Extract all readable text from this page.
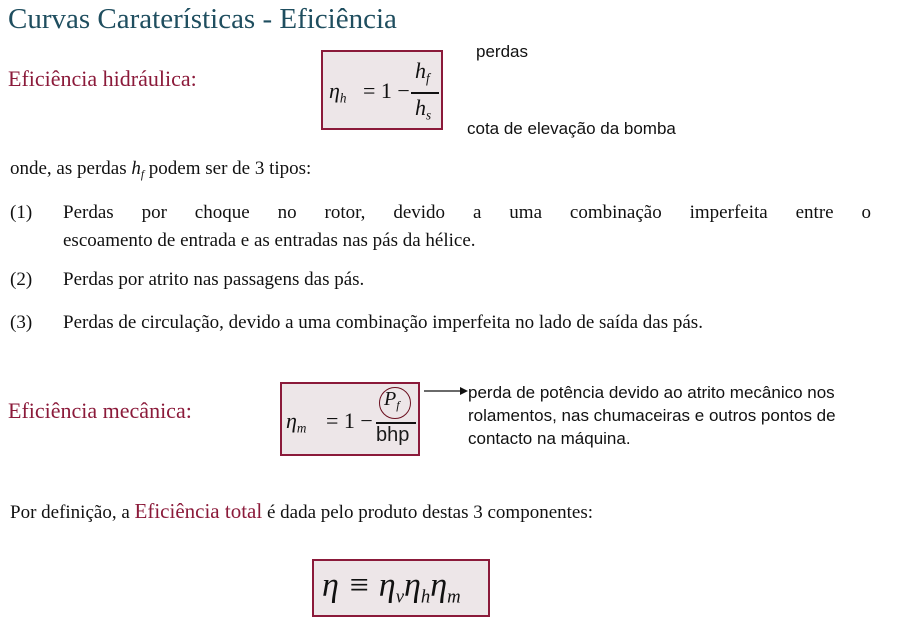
Curvas Caraterísticas - Eficiência
Eficiência hidráulica:	$\eta_h = 1$ −
$h_f$
$h_s$
perdas
cota de elevação da bomba
onde, as perdas $h_f$ podem ser de 3 tipos:
(1) Perdas por choque no rotor, devido a uma combinação imperfeita entre o
escoamento de entrada e as entradas nas pás da hélice.
(2) Perdas por atrito nas passagens das pás.
(3) Perdas de circulação, devido a uma combinação imperfeita no lado de saída das pás.
Eficiência mecânica:	$\eta_m = 1$ −
$P_f$
bhp
perda de potência devido ao atrito mecânico nos
rolamentos, nas chumaceiras e outros pontos de
contacto na máquina.
Por definição, a Eficiência total é dada pelo produto destas 3 componentes:
$\eta \equiv \eta_v\eta_h\eta_m$
